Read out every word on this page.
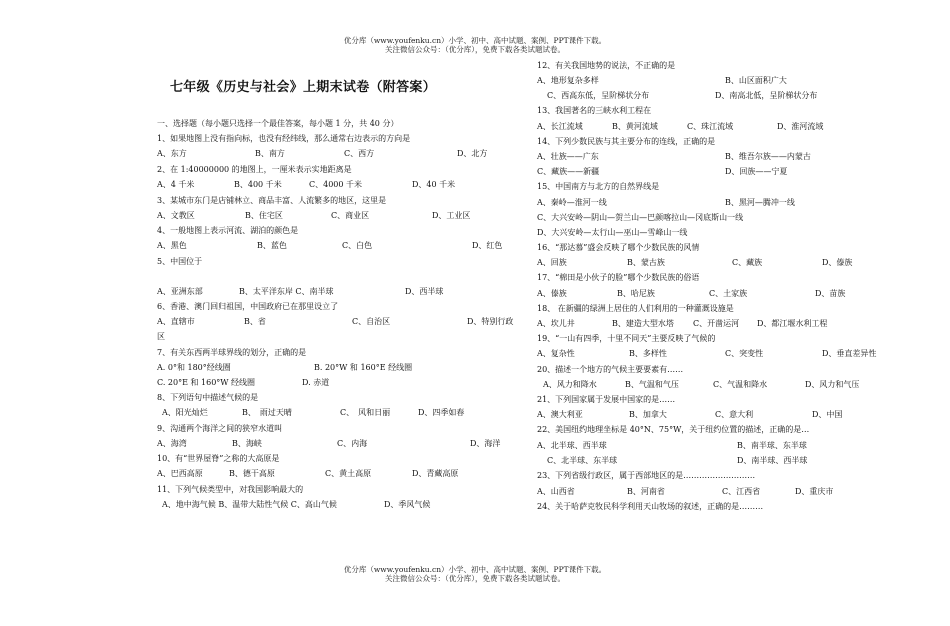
优分库（www.youfenku.cn）小学、初中、高中试题、案例、PPT课件下载。
关注微信公众号：（优分库），免费下载各类试题试卷。
七年级《历史与社会》上期末试卷（附答案）
一、选择题（每小题只选择一个最佳答案，每小题 1 分，共 40 分）
1、如果地图上没有指向标，也没有经纬线，那么通常右边表示的方向是
A、东方	B、南方	C、西方	D、北方
2、在 1:40000000 的地图上，一厘米表示实地距离是
A、4 千米	B、400 千米	C、4000 千米	D、40 千米
3、某城市东门是店铺林立、商品丰富、人流繁多的地区，这里是
A、文教区	B、住宅区	C、商业区	D、工业区
4、一般地图上表示河流、湖泊的颜色是
A、黑色	B、蓝色	C、白色	D、红色
5、中国位于
A、亚洲东部	B、太平洋东岸 C、南半球	D、西半球
6、香港、澳门回归祖国，中国政府已在那里设立了
A、直辖市	B、省	C、自治区	D、特别行政
区
7、有关东西两半球界线的划分，正确的是
A. 0°和 180°经线圈	B. 20°W 和 160°E 经线圈
C. 20°E 和 160°W 经线圈	D. 赤道
8、下列语句中描述气候的是
A、阳光灿烂	B、　雨过天晴	C、　风和日丽	D、四季如春
9、沟通两个海洋之间的狭窄水道叫
A、海湾	B、海峡	C、内海	D、海洋
10、有“世界屋脊”之称的大高原是
A、巴西高原	B、德干高原	C、黄土高原	D、青藏高原
11、下列气候类型中，对我国影响最大的
A、地中海气候 B、温带大陆性气候 C、高山气候	D、季风气候
12、有关我国地势的说法，不正确的是
A、地形复杂多样	B、山区面积广大
C、西高东低，呈阶梯状分布	D、南高北低，呈阶梯状分布
13、我国著名的三峡水利工程在
A、长江流域	B、黄河流域	C、珠江流域	D、淮河流域
14、下列少数民族与其主要分布的连线，正确的是
A、壮族——广东	B、维吾尔族——内蒙古
C、藏族——新疆	D、回族——宁夏
15、中国南方与北方的自然界线是
A、秦岭—淮河一线	B、黑河—腾冲一线
C、大兴安岭—阴山—贺兰山—巴颜喀拉山—冈底斯山一线
D、大兴安岭—太行山—巫山—雪峰山一线
16、“那达慕”盛会反映了哪个少数民族的风情
A、回族	B、蒙古族	C、藏族	D、傣族
17、“棉田是小伙子的脸”哪个少数民族的俗语
A、傣族	B、哈尼族	C、土家族	D、苗族
18、 在新疆的绿洲上居住的人们利用的一种灌溉设施是
A、坎儿井	B、建造大型水塔 C、开凿运河 D、都江堰水利工程
19、“一山有四季，十里不同天”主要反映了气候的
A、复杂性	B、多样性	C、突变性	D、垂直差异性
20、描述一个地方的气候主要要素有……
A、风力和降水	B、气温和气压	C、气温和降水	D、风力和气压
21、下列国家属于发展中国家的是……
A、澳大利亚	B、加拿大	C、意大利	D、中国
22、美国纽约地理坐标是 40°N、75°W，关于纽约位置的描述，正确的是…
A、北半球、西半球	B、南半球、东半球
C、北半球、东半球	D、南半球、西半球
23、下列省级行政区，属于西部地区的是………………………
A、山西省	B、河南省	C、江西省	D、重庆市
24、关于哈萨克牧民科学利用天山牧场的叙述，正确的是………
优分库（www.youfenku.cn）小学、初中、高中试题、案例、PPT课件下载。
关注微信公众号：（优分库），免费下载各类试题试卷。
